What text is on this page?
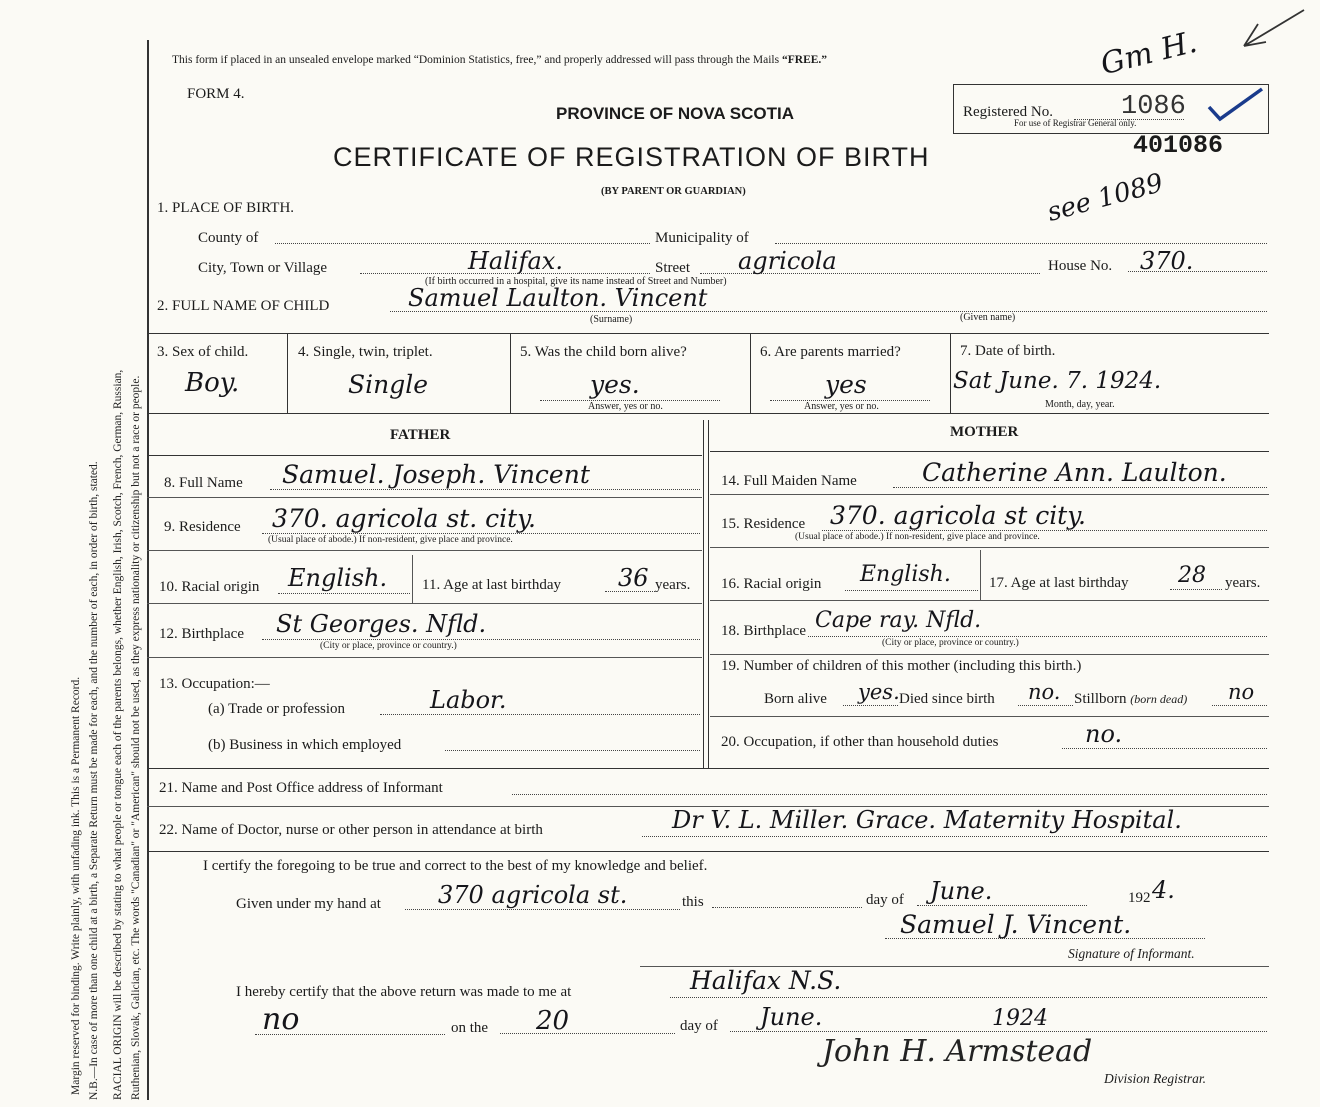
Margin reserved for binding. Write plainly, with unfading ink. This is a Permanent Record. N.B.—In case of more than one child at a birth, a Separate Return must be made for each, and the number of each, in order of birth, stated. RACIAL ORIGIN will be described by stating to what people or tongue each of the parents belongs, whether English, Irish, Scotch, French, German, Russian, Ruthenian, Slovak, Galician, etc. The words "Canadian" or "American" should not be used, as they express nationality or citizenship but not a race or people.
This form if placed in an unsealed envelope marked “Dominion Statistics, free,” and properly addressed will pass through the Mails “FREE.”
FORM 4.
PROVINCE OF NOVA SCOTIA
CERTIFICATE OF REGISTRATION OF BIRTH
(BY PARENT OR GUARDIAN)
Registered No.	1086
For use of Registrar General only.
401086
Gm H.
see 1089
1. PLACE OF BIRTH.
County of	Municipality of
City, Town or Village	Halifax.	Street agricola	House No. 370.
(If birth occurred in a hospital, give its name instead of Street and Number)
2. FULL NAME OF CHILD	Samuel Laulton. Vincent
(Surname)	(Given name)
3. Sex of child.
Boy.
4. Single, twin, triplet.
Single
5. Was the child born alive?
yes.
Answer, yes or no.
6. Are parents married?
yes
Answer, yes or no.
7. Date of birth.
Sat June. 7. 1924.
Month, day, year.
FATHER	MOTHER
8. Full Name Samuel. Joseph. Vincent
9. Residence 370. agricola st. city.
(Usual place of abode.) If non-resident, give place and province.
10. Racial origin English. 11. Age at last birthday 36 years.
12. Birthplace St Georges. Nfld.
(City or place, province or country.)
13. Occupation:—
(a) Trade or profession	Labor.
(b) Business in which employed
14. Full Maiden Name	Catherine Ann. Laulton.
15. Residence 370. agricola st city.
(Usual place of abode.) If non-resident, give place and province.
16. Racial origin English.	17. Age at last birthday 28 years.
18. Birthplace Cape ray. Nfld.
(City or place, province or country.)
19. Number of children of this mother (including this birth.)
Born alive yes. Died since birth no. Stillborn (born dead) no
20. Occupation, if other than household duties	no.
21. Name and Post Office address of Informant
22. Name of Doctor, nurse or other person in attendance at birth	Dr V. L. Miller. Grace. Maternity Hospital.
I certify the foregoing to be true and correct to the best of my knowledge and belief.
Given under my hand at 370 agricola st.	this	day of June.	192 4.
Samuel J. Vincent.
Signature of Informant.
I hereby certify that the above return was made to me at	Halifax N.S.
no	on the 20	day of June.	1924
John H. Armstead
Division Registrar.
